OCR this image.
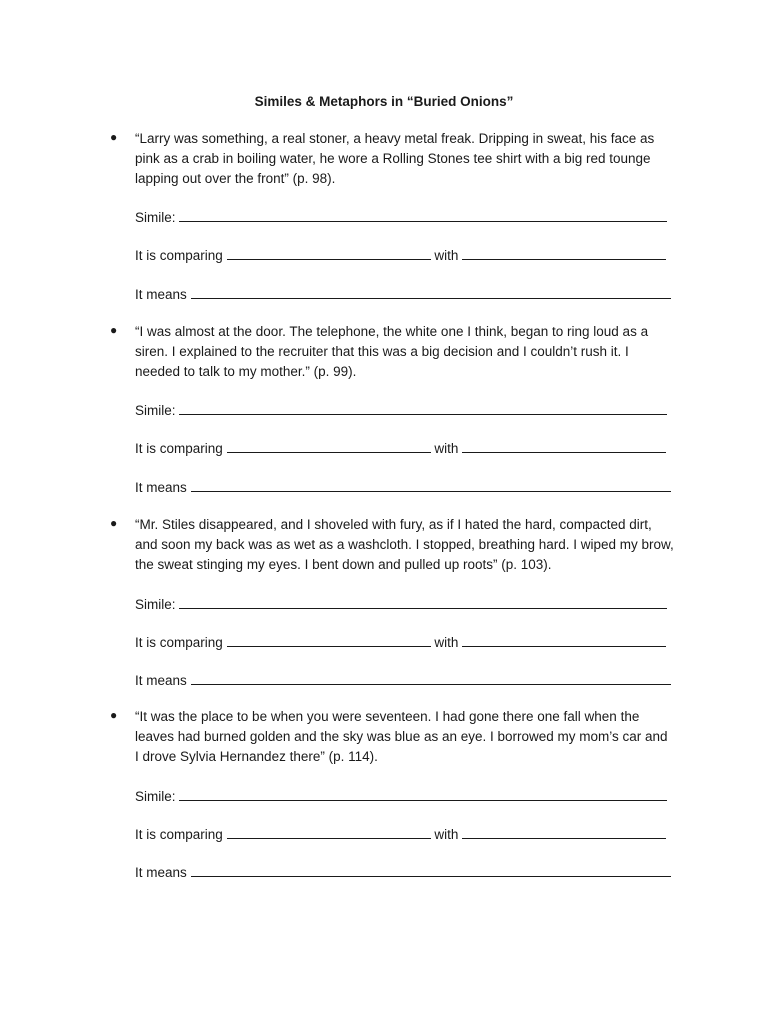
Similes & Metaphors in “Buried Onions”
● “Larry was something, a real stoner, a heavy metal freak. Dripping in sweat, his face as pink as a crab in boiling water, he wore a Rolling Stones tee shirt with a big red tounge lapping out over the front” (p. 98).
Simile:
It is comparing	with
It means
● “I was almost at the door. The telephone, the white one I think, began to ring loud as a siren. I explained to the recruiter that this was a big decision and I couldn’t rush it. I needed to talk to my mother.” (p. 99).
Simile:
It is comparing	with
It means
● “Mr. Stiles disappeared, and I shoveled with fury, as if I hated the hard, compacted dirt, and soon my back was as wet as a washcloth. I stopped, breathing hard. I wiped my brow, the sweat stinging my eyes. I bent down and pulled up roots” (p. 103).
Simile:
It is comparing	with
It means
● “It was the place to be when you were seventeen. I had gone there one fall when the leaves had burned golden and the sky was blue as an eye. I borrowed my mom’s car and I drove Sylvia Hernandez there” (p. 114).
Simile:
It is comparing	with
It means
